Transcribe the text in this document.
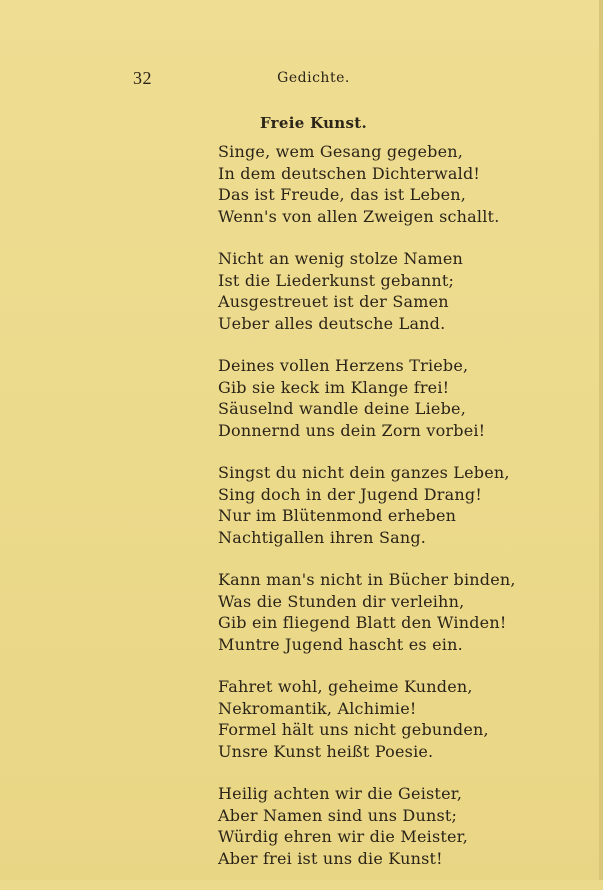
32	Gedichte.
Freie Kunst.
Singe, wem Gesang gegeben,
In dem deutschen Dichterwald!
Das ist Freude, das ist Leben,
Wenn's von allen Zweigen schallt.
Nicht an wenig stolze Namen
Ist die Liederkunst gebannt;
Ausgestreuet ist der Samen
Ueber alles deutsche Land.
Deines vollen Herzens Triebe,
Gib sie keck im Klange frei!
Säuselnd wandle deine Liebe,
Donnernd uns dein Zorn vorbei!
Singst du nicht dein ganzes Leben,
Sing doch in der Jugend Drang!
Nur im Blütenmond erheben
Nachtigallen ihren Sang.
Kann man's nicht in Bücher binden,
Was die Stunden dir verleihn,
Gib ein fliegend Blatt den Winden!
Muntre Jugend hascht es ein.
Fahret wohl, geheime Kunden,
Nekromantik, Alchimie!
Formel hält uns nicht gebunden,
Unsre Kunst heißt Poesie.
Heilig achten wir die Geister,
Aber Namen sind uns Dunst;
Würdig ehren wir die Meister,
Aber frei ist uns die Kunst!
